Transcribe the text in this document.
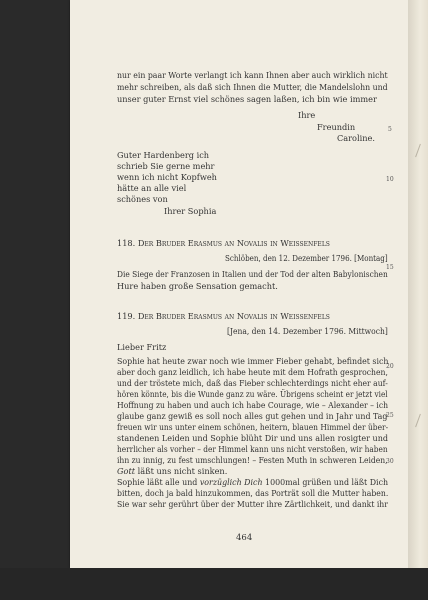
nur ein paar Worte verlangt ich kann Ihnen aber auch wirklich nicht
mehr schreiben, als daß sich Ihnen die Mutter, die Mandelslohn und
unser guter Ernst viel schönes sagen laßen, ich bin wie immer
Ihre
Freundin
Caroline.
Guter Hardenberg ich
schrieb Sie gerne mehr
wenn ich nicht Kopfweh
hätte an alle viel
schönes von
Ihrer Sophia
118. Der Bruder Erasmus an Novalis in Weissenfels
Schlöben, den 12. Dezember 1796. [Montag]
Die Siege der Franzosen in Italien und der Tod der alten Babylonischen
Hure haben große Sensation gemacht.
119. Der Bruder Erasmus an Novalis in Weissenfels
[Jena, den 14. Dezember 1796. Mittwoch]
Lieber Fritz
Sophie hat heute zwar noch wie immer Fieber gehabt, befindet sich
aber doch ganz leidlich, ich habe heute mit dem Hofrath gesprochen,
und der tröstete mich, daß das Fieber schlechterdings nicht eher auf-
hören könnte, bis die Wunde ganz zu wäre. Übrigens scheint er jetzt viel
Hoffnung zu haben und auch ich habe Courage, wie – Alexander – ich
glaube ganz gewiß es soll noch alles gut gehen und in Jahr und Tag
freuen wir uns unter einem schönen, heitern, blauen Himmel der über-
standenen Leiden und Sophie blüht Dir und uns allen rosigter und
herrlicher als vorher – der Himmel kann uns nicht verstoßen, wir haben
ihn zu innig, zu fest umschlungen! – Festen Muth in schweren Leiden,
Gott läßt uns nicht sinken.
Sophie läßt alle und vorzüglich Dich 1000mal grüßen und läßt Dich
bitten, doch ja bald hinzukommen, das Porträt soll die Mutter haben.
Sie war sehr gerührt über der Mutter ihre Zärtlichkeit, und dankt ihr
5
10
15
20
25
30
464
